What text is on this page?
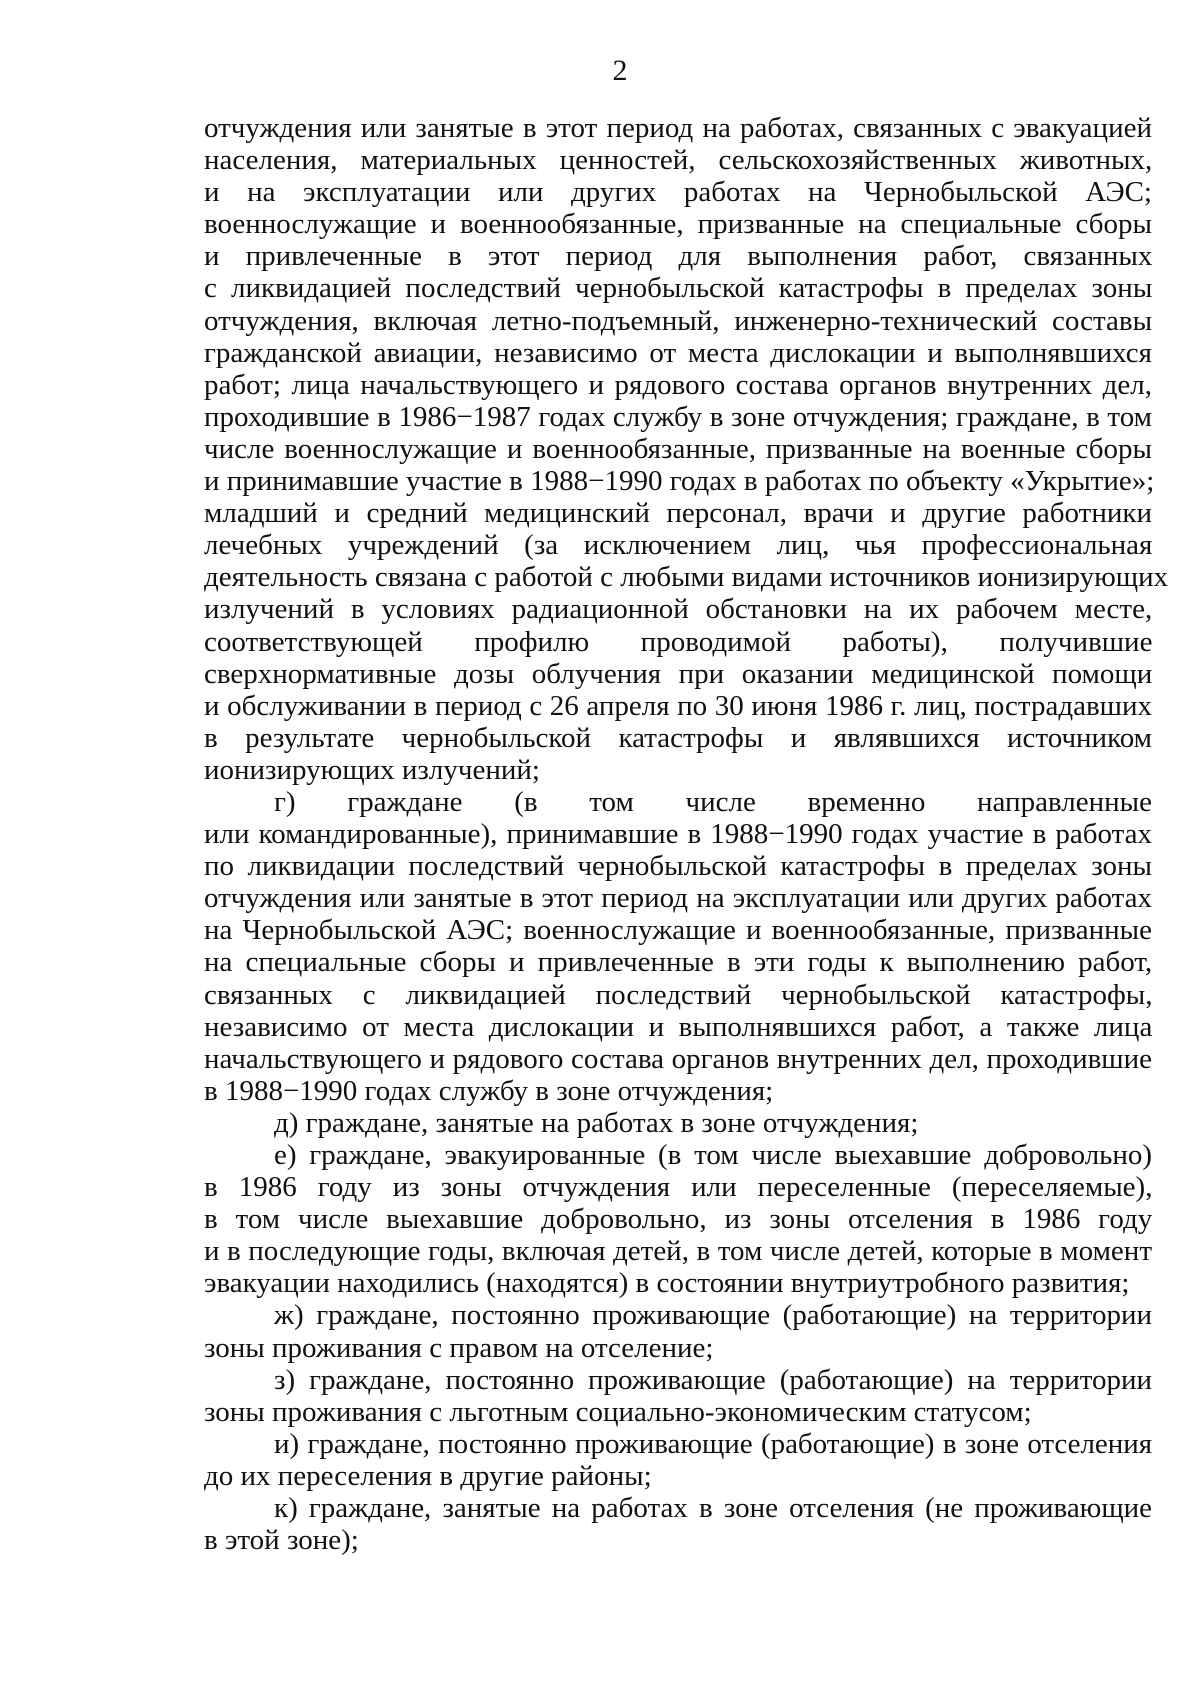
2

отчуждения или занятые в этот период на работах, связанных с эвакуацией
населения, материальных ценностей, сельскохозяйственных животных,
и на эксплуатации или других работах на Чернобыльской АЭС;
военнослужащие и военнообязанные, призванные на специальные сборы
и привлеченные в этот период для выполнения работ, связанных
с ликвидацией последствий чернобыльской катастрофы в пределах зоны
отчуждения, включая летно-подъемный, инженерно-технический составы
гражданской авиации, независимо от места дислокации и выполнявшихся
работ; лица начальствующего и рядового состава органов внутренних дел,
проходившие в 1986−1987 годах службу в зоне отчуждения; граждане, в том
числе военнослужащие и военнообязанные, призванные на военные сборы
и принимавшие участие в 1988−1990 годах в работах по объекту «Укрытие»;
младший и средний медицинский персонал, врачи и другие работники
лечебных учреждений (за исключением лиц, чья профессиональная
деятельность связана с работой с любыми видами источников ионизирующих
излучений в условиях радиационной обстановки на их рабочем месте,
соответствующей профилю проводимой работы), получившие
сверхнормативные дозы облучения при оказании медицинской помощи
и обслуживании в период с 26 апреля по 30 июня 1986 г. лиц, пострадавших
в результате чернобыльской катастрофы и являвшихся источником
ионизирующих излучений;

г) граждане (в том числе временно направленные
или командированные), принимавшие в 1988−1990 годах участие в работах
по ликвидации последствий чернобыльской катастрофы в пределах зоны
отчуждения или занятые в этот период на эксплуатации или других работах
на Чернобыльской АЭС; военнослужащие и военнообязанные, призванные
на специальные сборы и привлеченные в эти годы к выполнению работ,
связанных с ликвидацией последствий чернобыльской катастрофы,
независимо от места дислокации и выполнявшихся работ, а также лица
начальствующего и рядового состава органов внутренних дел, проходившие
в 1988−1990 годах службу в зоне отчуждения;

д) граждане, занятые на работах в зоне отчуждения;

е) граждане, эвакуированные (в том числе выехавшие добровольно)
в 1986 году из зоны отчуждения или переселенные (переселяемые),
в том числе выехавшие добровольно, из зоны отселения в 1986 году
и в последующие годы, включая детей, в том числе детей, которые в момент
эвакуации находились (находятся) в состоянии внутриутробного развития;

ж) граждане, постоянно проживающие (работающие) на территории
зоны проживания с правом на отселение;

з) граждане, постоянно проживающие (работающие) на территории
зоны проживания с льготным социально-экономическим статусом;

и) граждане, постоянно проживающие (работающие) в зоне отселения
до их переселения в другие районы;

к) граждане, занятые на работах в зоне отселения (не проживающие
в этой зоне);
